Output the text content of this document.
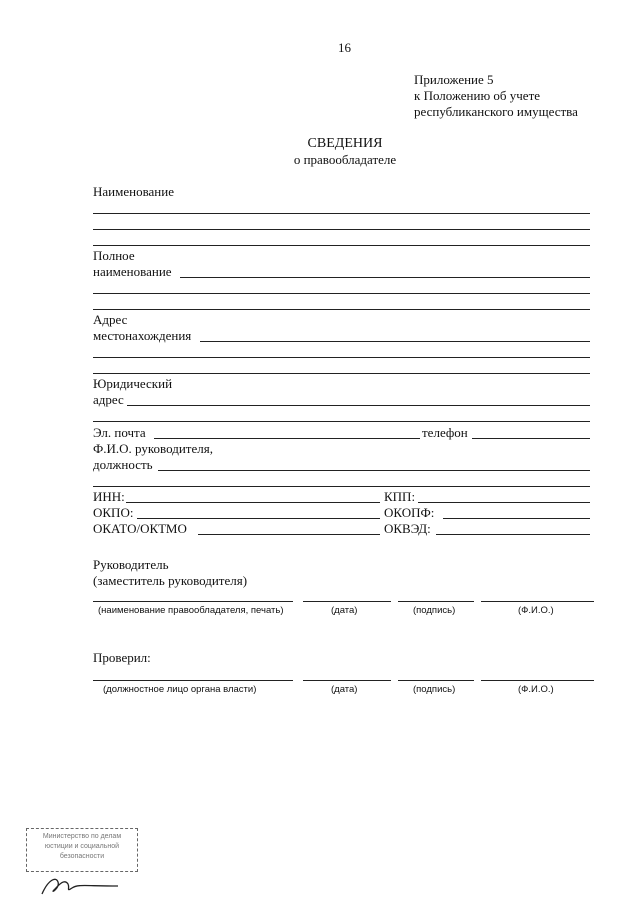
16
Приложение 5
к Положению об учете
республиканского имущества
СВЕДЕНИЯ
о правообладателе
Наименование
Полное
наименование
Адрес
местонахождения
Юридический
адрес
Эл. почта	телефон
Ф.И.О. руководителя,
должность
ИНН:	КПП:
ОКПО:	ОКОПФ:
ОКАТО/ОКТМО	ОКВЭД:
Руководитель
(заместитель руководителя)
(наименование правообладателя, печать)	(дата)	(подпись)	(Ф.И.О.)
Проверил:
(должностное лицо органа власти)	(дата)	(подпись)	(Ф.И.О.)
Министерство по делам
юстиции и социальной
безопасности
